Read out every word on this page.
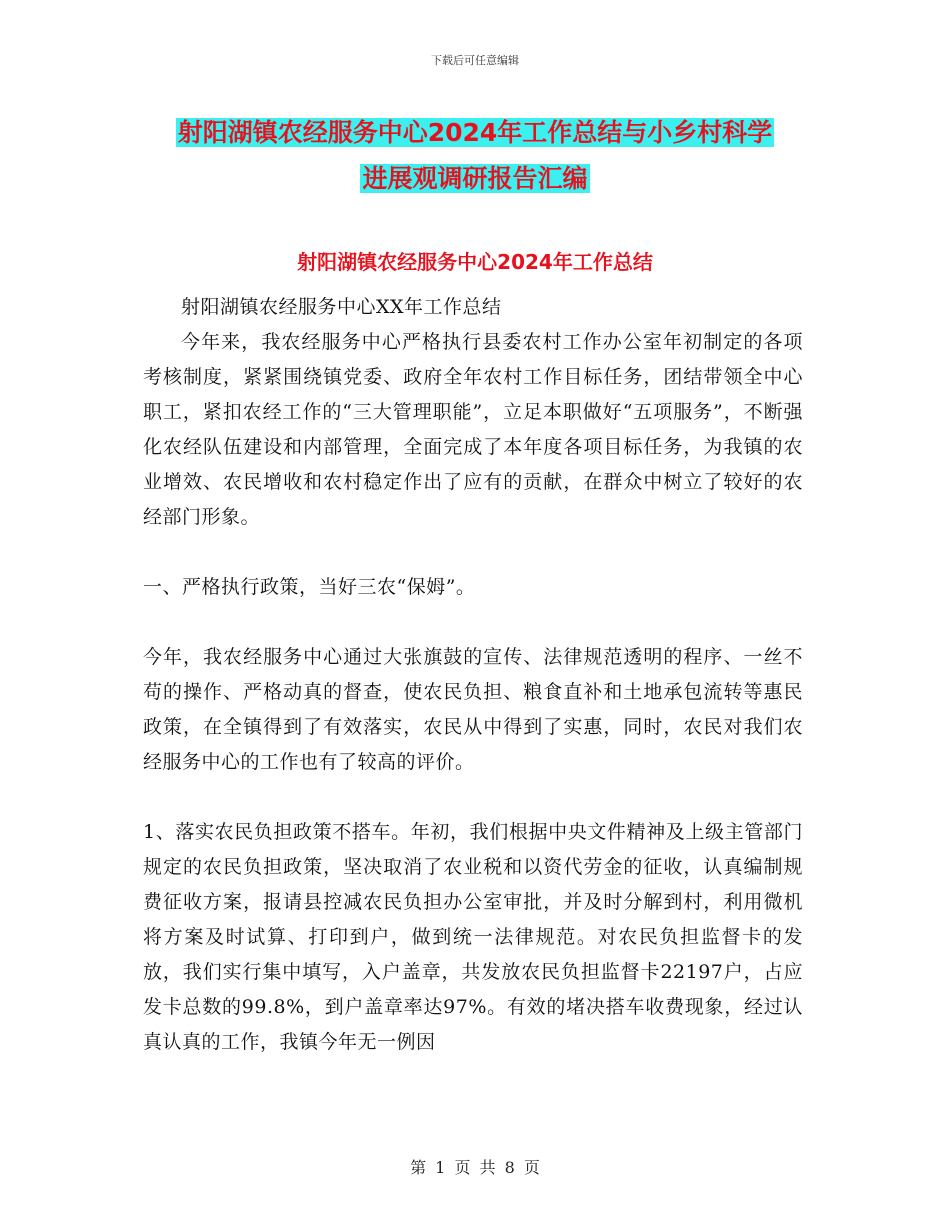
下载后可任意编辑
射阳湖镇农经服务中心2024年工作总结与小乡村科学
进展观调研报告汇编
射阳湖镇农经服务中心2024年工作总结

射阳湖镇农经服务中心XX年工作总结

今年来，我农经服务中心严格执行县委农村工作办公室年初制定的各项考核制度，紧紧围绕镇党委、政府全年农村工作目标任务，团结带领全中心职工，紧扣农经工作的“三大管理职能”，立足本职做好“五项服务”，不断强化农经队伍建设和内部管理，全面完成了本年度各项目标任务，为我镇的农业增效、农民增收和农村稳定作出了应有的贡献，在群众中树立了较好的农经部门形象。

一、严格执行政策，当好三农“保姆”。

今年，我农经服务中心通过大张旗鼓的宣传、法律规范透明的程序、一丝不苟的操作、严格动真的督查，使农民负担、粮食直补和土地承包流转等惠民政策，在全镇得到了有效落实，农民从中得到了实惠，同时，农民对我们农经服务中心的工作也有了较高的评价。

1、落实农民负担政策不搭车。年初，我们根据中央文件精神及上级主管部门规定的农民负担政策，坚决取消了农业税和以资代劳金的征收，认真编制规费征收方案，报请县控减农民负担办公室审批，并及时分解到村，利用微机将方案及时试算、打印到户，做到统一法律规范。对农民负担监督卡的发放，我们实行集中填写，入户盖章，共发放农民负担监督卡22197户，占应发卡总数的99.8%，到户盖章率达97%。有效的堵决搭车收费现象，经过认真认真的工作，我镇今年无一例因

第 1 页 共 8 页
